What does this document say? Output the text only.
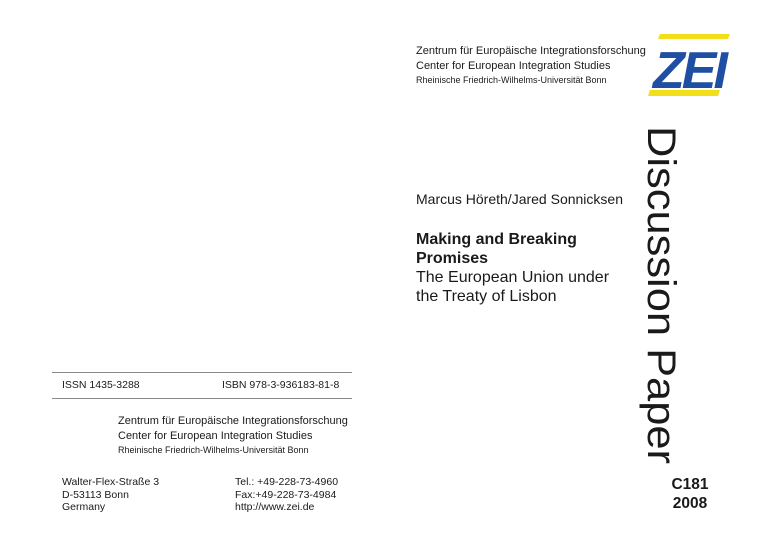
ISSN 1435-3288	ISBN 978-3-936183-81-8
Zentrum für Europäische Integrationsforschung
Center for European Integration Studies
Rheinische Friedrich-Wilhelms-Universität Bonn
Walter-Flex-Straße 3
D-53113 Bonn
Germany
Tel.: +49-228-73-4960
Fax:+49-228-73-4984
http://www.zei.de
Zentrum für Europäische Integrationsforschung
Center for European Integration Studies
Rheinische Friedrich-Wilhelms-Universität Bonn ZEI
Marcus Höreth/Jared Sonnicksen
Making and Breaking
Promises
The European Union under
the Treaty of Lisbon	Discussion Paper
C181
2008
